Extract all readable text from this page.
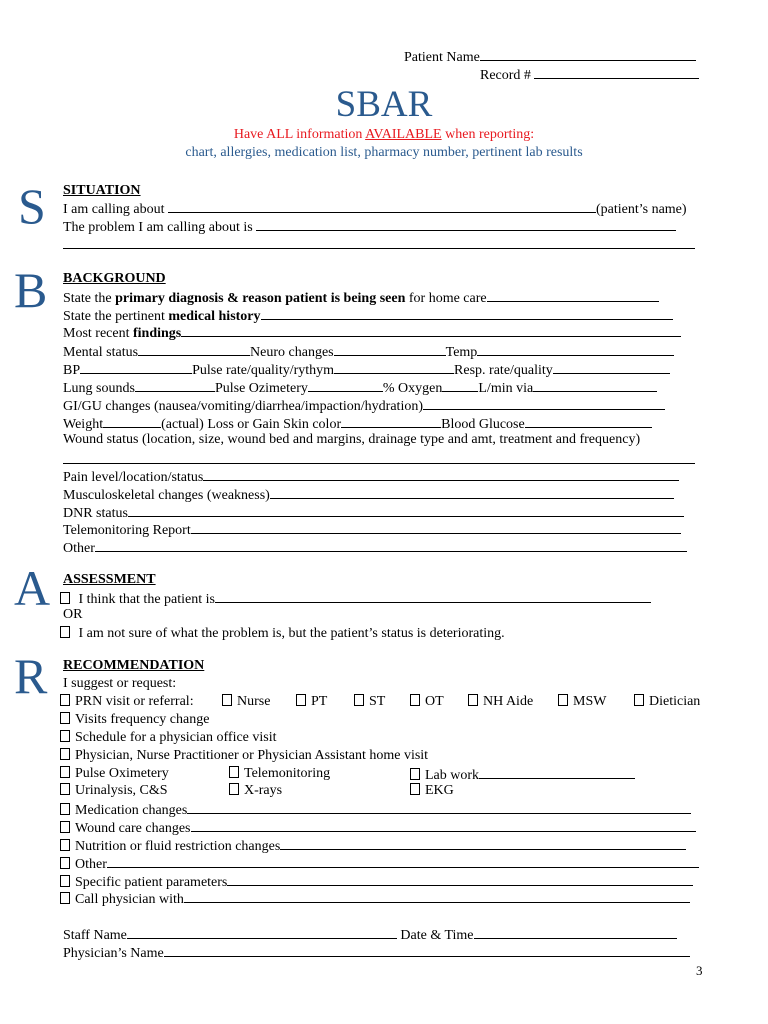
Patient Name
Record #
SBAR
Have ALL information AVAILABLE when reporting:
chart, allergies, medication list, pharmacy number, pertinent lab results
S SITUATION
I am calling about	(patient’s name)
The problem I am calling about is
B BACKGROUND
State the primary diagnosis & reason patient is being seen for home care
State the pertinent medical history
Most recent findings
Mental status	Neuro changes	Temp
BP	Pulse rate/quality/rythym	Resp. rate/quality
Lung sounds	Pulse Ozimetery	% Oxygen	L/min via
GI/GU changes (nausea/vomiting/diarrhea/impaction/hydration)
Weight	(actual) Loss or Gain Skin color	Blood Glucose
Wound status (location, size, wound bed and margins, drainage type and amt, treatment and frequency)
Pain level/location/status
Musculoskeletal changes (weakness)
DNR status
Telemonitoring Report
Other
A ASSESSMENT
I think that the patient is
OR
I am not sure of what the problem is, but the patient’s status is deteriorating.
R RECOMMENDATION
I suggest or request:
PRN visit or referral:	Nurse	PT	ST	OT	NH Aide	MSW	Dietician
Visits frequency change
Schedule for a physician office visit
Physician, Nurse Practitioner or Physician Assistant home visit
Pulse Oximetery	Telemonitoring	Lab work
Urinalysis, C&S	X-rays	EKG
Medication changes
Wound care changes
Nutrition or fluid restriction changes
Other
Specific patient parameters
Call physician with
Staff Name	Date & Time
Physician’s Name
3
